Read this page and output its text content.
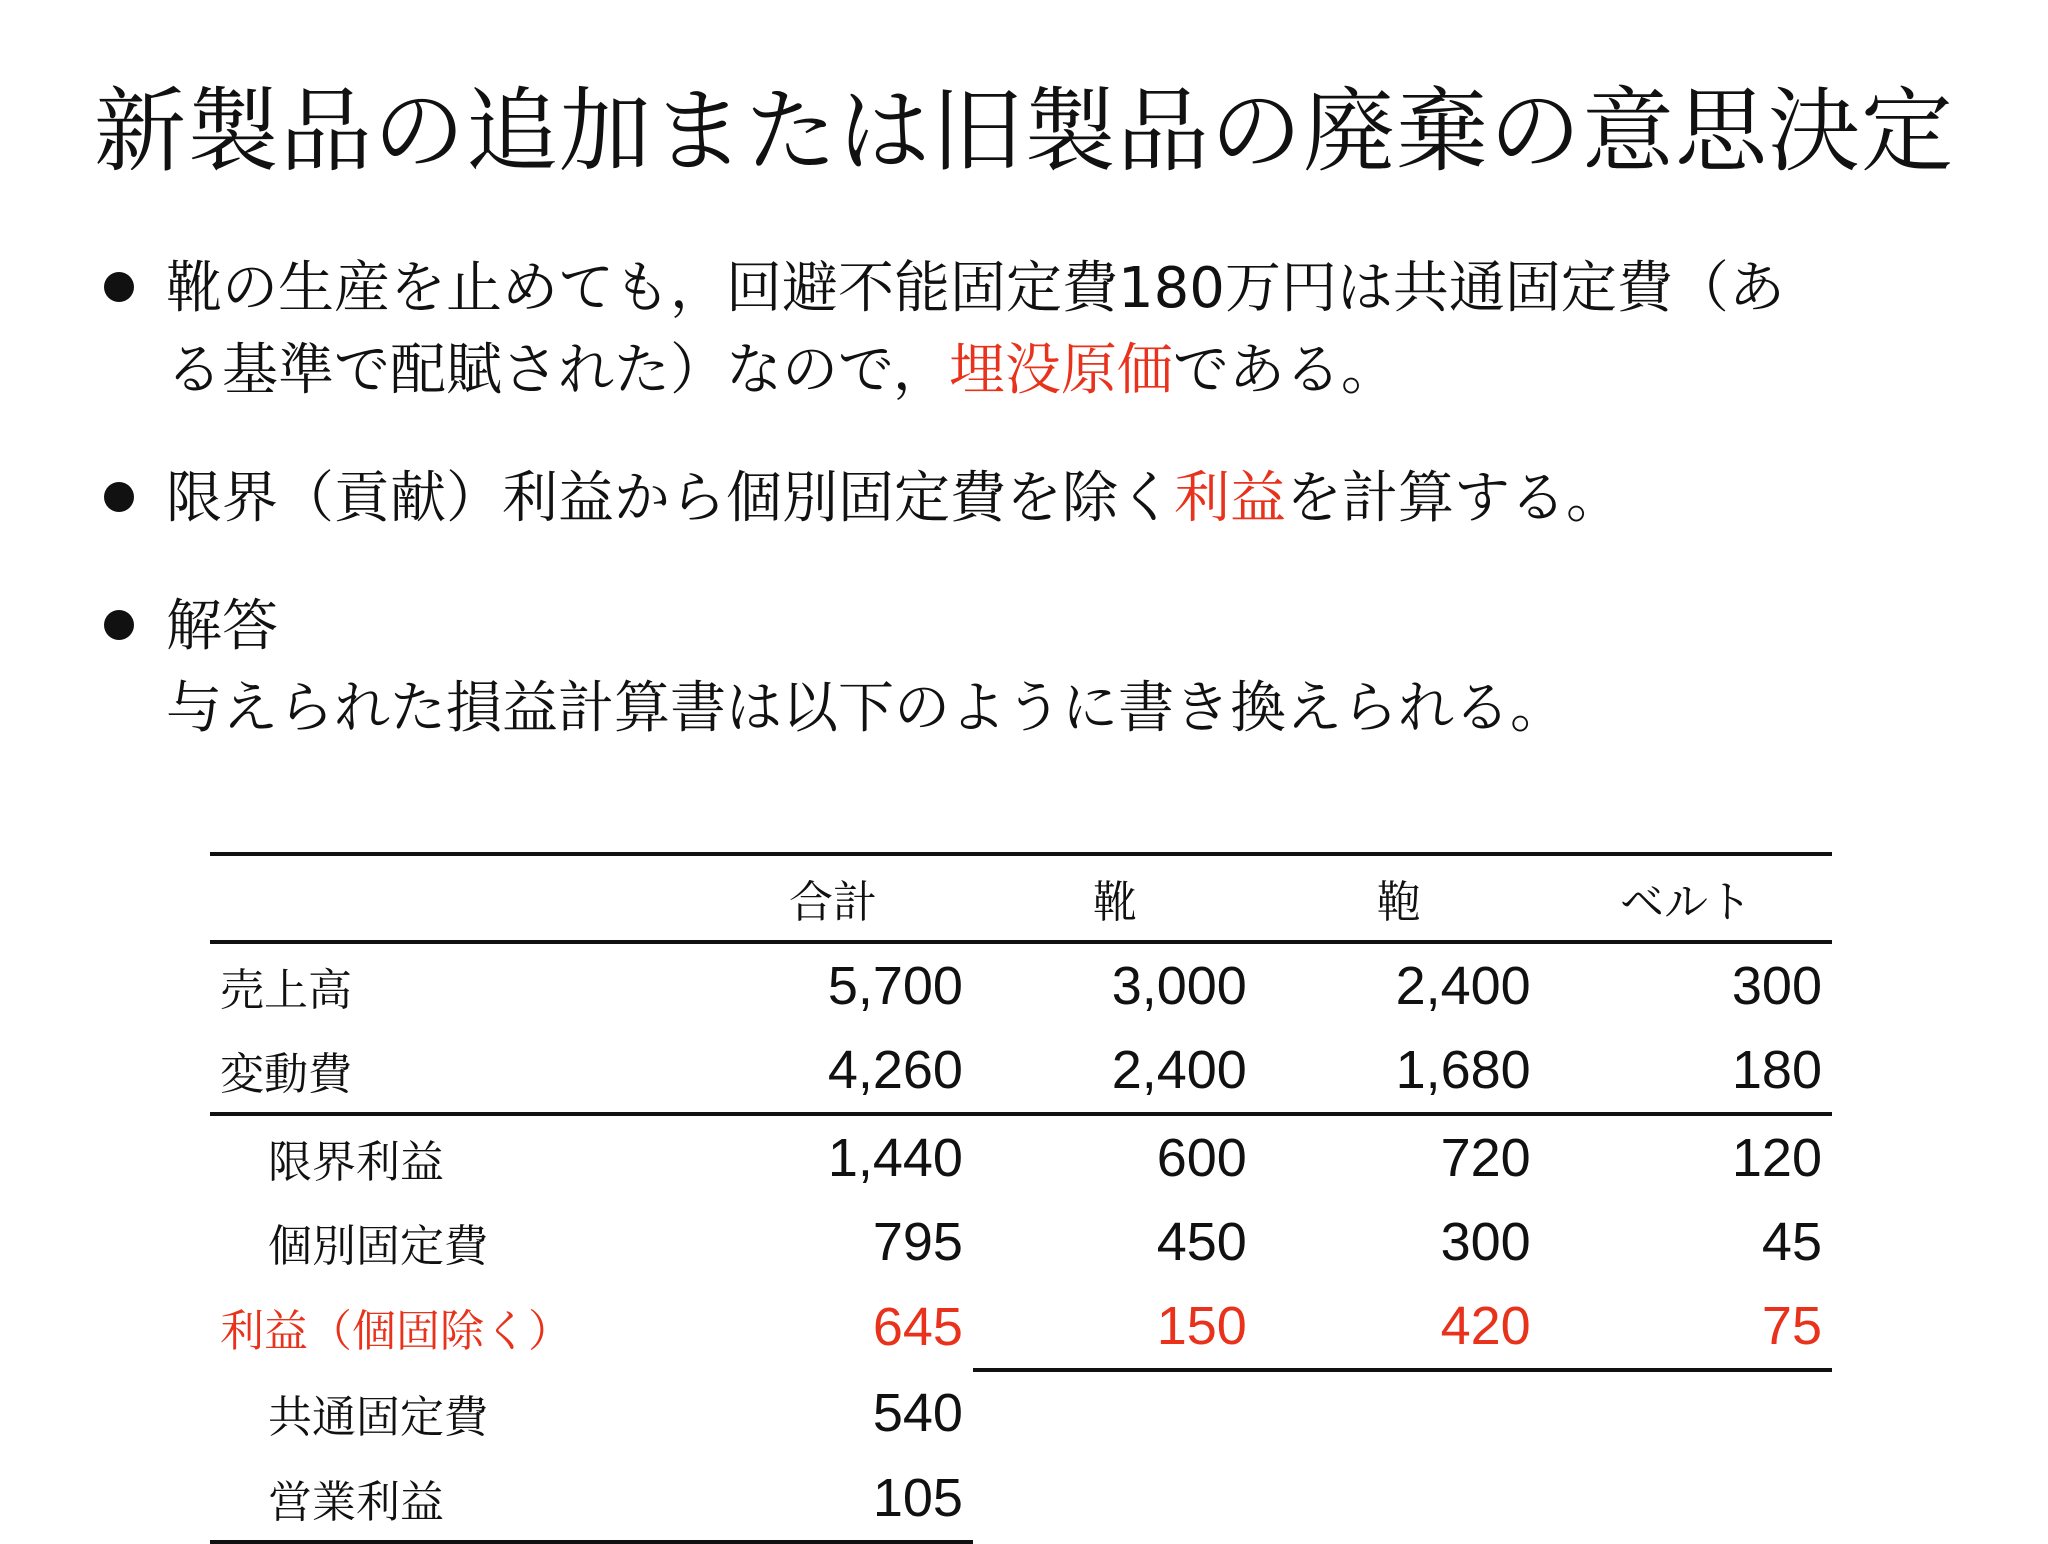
新製品の追加または旧製品の廃棄の意思決定
靴の生産を止めても，回避不能固定費180万円は共通固定費（あ
る基準で配賦された）なので，埋没原価である。
限界（貢献）利益から個別固定費を除く利益を計算する。
解答
与えられた損益計算書は以下のように書き換えられる。
	合計	靴	鞄	ベルト
売上高	5,700	3,000	2,400	300
変動費	4,260	2,400	1,680	180
限界利益	1,440	600	720	120
個別固定費	795	450	300	45
利益（個固除く）	645	150	420	75
共通固定費	540			
営業利益	105			
